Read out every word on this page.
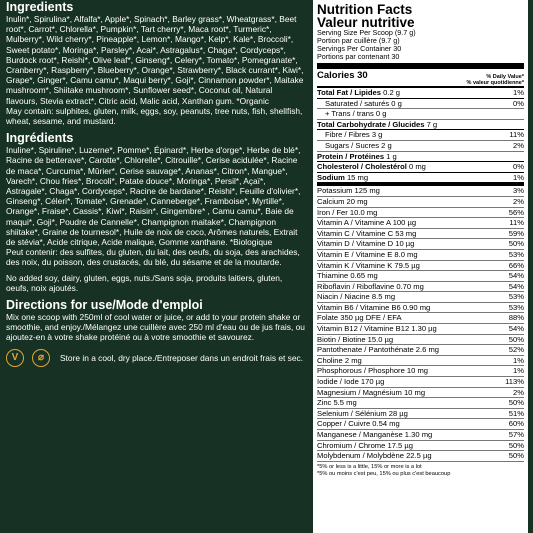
Ingredients

Inulin*, Spirulina*, Alfalfa*, Apple*, Spinach*, Barley grass*, Wheatgrass*, Beet root*, Carrot*, Chlorella*, Pumpkin*, Tart cherry*, Maca root*, Turmeric*, Mulberry*, Wild cherry*, Pineapple*, Lemon*, Mango*, Kelp*, Kale*, Broccoli*, Sweet potato*, Moringa*, Parsley*, Acai*, Astragalus*, Chaga*, Cordyceps*, Burdock root*, Reishi*, Olive leaf*, Ginseng*, Celery*, Tomato*, Pomegranate*, Cranberry*, Raspberry*, Blueberry*, Orange*, Strawberry*, Black currant*, Kiwi*, Grape*, Ginger*, Camu camu*, Maqui berry*, Goji*, Cinnamon powder*, Maitake mushroom*, Shiitake mushroom*, Sunflower seed*, Coconut oil, Natural flavours, Stevia extract*, Citric acid, Malic acid, Xanthan gum. *Organic

May contain: sulphites, gluten, milk, eggs, soy, peanuts, tree nuts, fish, shellfish, wheat, sesame, and mustard.

Ingrédients

Inuline*, Spiruline*, Luzerne*, Pomme*, Épinard*, Herbe d'orge*, Herbe de blé*, Racine de betterave*, Carotte*, Chlorelle*, Citrouille*, Cerise acidulée*, Racine de maca*, Curcuma*, Mûrier*, Cerise sauvage*, Ananas*, Citron*, Mangue*, Varech*, Chou fries*, Brocoli*, Patate douce*, Moringa*, Persil*, Açaï*, Astragale*, Chaga*, Cordyceps*, Racine de bardane*, Reishi*, Feuille d'olivier*, Ginseng*, Céleri*, Tomate*, Grenade*, Canneberge*, Framboise*, Myrtille*, Orange*, Fraise*, Cassis*, Kiwi*, Raisin*, Gingembre* , Camu camu*, Baie de maqui*, Goji*, Poudre de Cannelle*, Champignon maitake*, Champignon shiitake*, Graine de tournesol*, Huile de noix de coco, Arômes naturels, Extrait de stévia*, Acide citrique, Acide malique, Gomme xanthane. *Biologique

Peut contenir: des sulfites, du gluten, du lait, des oeufs, du soja, des arachides, des noix, du poisson, des crustacés, du blé, du sésame et de la moutarde.

No added soy, dairy, gluten, eggs, nuts./Sans soja, produits laitiers, gluten, oeufs, noix ajoutés.

Directions for use/Mode d'emploi

Mix one scoop with 250ml of cool water or juice, or add to your protein shake or smoothie, and enjoy./Mélangez une cuillère avec 250 ml d'eau ou de jus frais, ou ajoutez-en à votre shake protéiné ou à votre smoothie et savourez.

V	⌀	Store in a cool, dry place./Entreposer dans un endroit frais et sec.
Nutrition Facts
Valeur nutritive
Serving Size Per Scoop (9.7 g)
Portion par cuillère (9.7 g)
Servings Per Container 30
Portions par contenant 30
Calories 30	% Daily Value*
% valeur quotidienne*
Total Fat / Lipides 0.2 g	1%
Saturated / saturés 0 g	0%
+ Trans / trans 0 g
Total Carbohydrate / Glucides 7 g
Fibre / Fibres 3 g	11%
Sugars / Sucres 2 g	2%
Protein / Protéines 1 g
Cholesterol / Cholestérol 0 mg	0%
Sodium 15 mg	1%
Potassium 125 mg	3%
Calcium 20 mg	2%
Iron / Fer 10.0 mg	56%
Vitamin A / Vitamine A 100 µg	11%
Vitamin C / Vitamine C 53 mg	59%
Vitamin D / Vitamine D 10 µg	50%
Vitamin E / Vitamine E 8.0 mg	53%
Vitamin K / Vitamine K 79.5 µg	66%
Thiamine 0.65 mg	54%
Riboflavin / Riboflavine 0.70 mg	54%
Niacin / Niacine 8.5 mg	53%
Vitamin B6 / Vitamine B6 0.90 mg	53%
Folate 350 µg DFE / EFA	88%
Vitamin B12 / Vitamine B12 1.30 µg	54%
Biotin / Biotine 15.0 µg	50%
Pantothenate / Pantothénate 2.6 mg	52%
Choline 2 mg	1%
Phosphorous / Phosphore 10 mg	1%
Iodide / Iode 170 µg	113%
Magnesium / Magnésium 10 mg	2%
Zinc 5.5 mg	50%
Selenium / Sélénium 28 µg	51%
Copper / Cuivre 0.54 mg	60%
Manganese / Manganèse 1.30 mg	57%
Chromium / Chrome 17.5 µg	50%
Molybdenum / Molybdène 22.5 µg	50%
*5% or less is a little, 15% or more is a lot
*5% ou moins c'est peu, 15% ou plus c'est beaucoup
